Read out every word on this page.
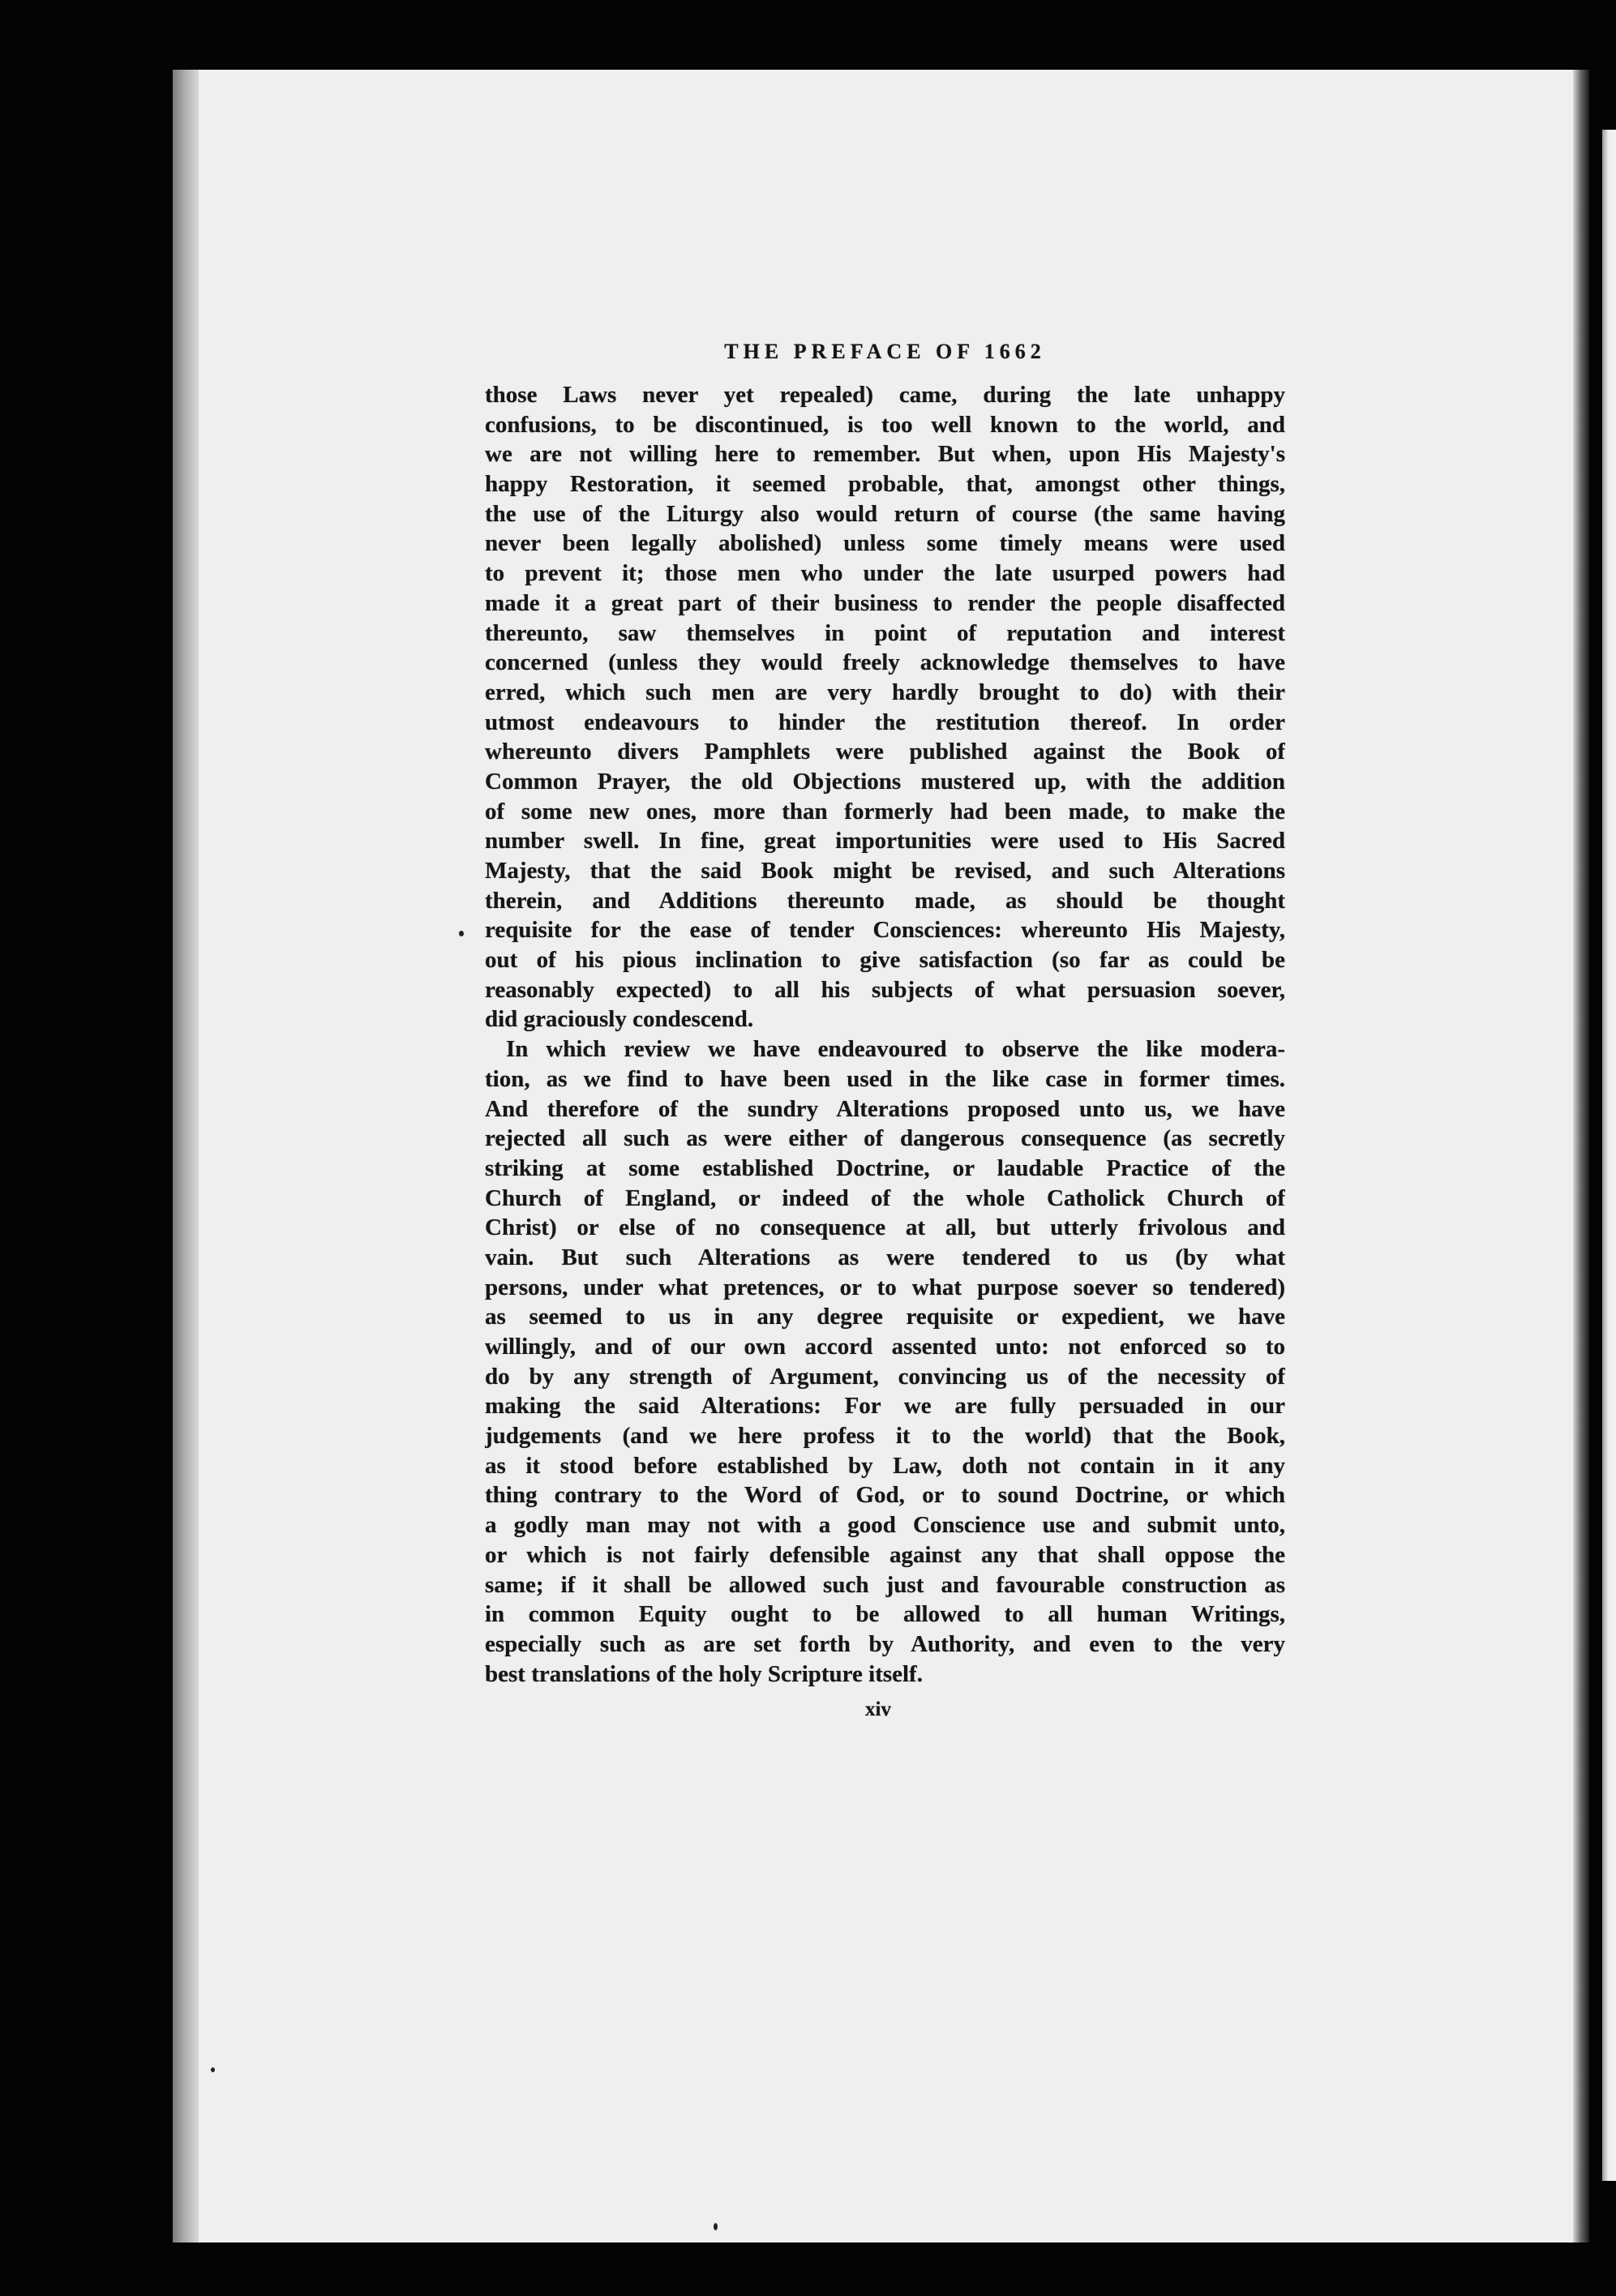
THE PREFACE OF 1662
those Laws never yet repealed) came, during the late unhappy
confusions, to be discontinued, is too well known to the world, and
we are not willing here to remember. But when, upon His Majesty's
happy Restoration, it seemed probable, that, amongst other things,
the use of the Liturgy also would return of course (the same having
never been legally abolished) unless some timely means were used
to prevent it; those men who under the late usurped powers had
made it a great part of their business to render the people disaffected
thereunto, saw themselves in point of reputation and interest
concerned (unless they would freely acknowledge themselves to have
erred, which such men are very hardly brought to do) with their
utmost endeavours to hinder the restitution thereof. In order
whereunto divers Pamphlets were published against the Book of
Common Prayer, the old Objections mustered up, with the addition
of some new ones, more than formerly had been made, to make the
number swell. In fine, great importunities were used to His Sacred
Majesty, that the said Book might be revised, and such Alterations
therein, and Additions thereunto made, as should be thought
requisite for the ease of tender Consciences: whereunto His Majesty,
out of his pious inclination to give satisfaction (so far as could be
reasonably expected) to all his subjects of what persuasion soever,
did graciously condescend.
In which review we have endeavoured to observe the like modera-
tion, as we find to have been used in the like case in former times.
And therefore of the sundry Alterations proposed unto us, we have
rejected all such as were either of dangerous consequence (as secretly
striking at some established Doctrine, or laudable Practice of the
Church of England, or indeed of the whole Catholick Church of
Christ) or else of no consequence at all, but utterly frivolous and
vain. But such Alterations as were tendered to us (by what
persons, under what pretences, or to what purpose soever so tendered)
as seemed to us in any degree requisite or expedient, we have
willingly, and of our own accord assented unto: not enforced so to
do by any strength of Argument, convincing us of the necessity of
making the said Alterations: For we are fully persuaded in our
judgements (and we here profess it to the world) that the Book,
as it stood before established by Law, doth not contain in it any
thing contrary to the Word of God, or to sound Doctrine, or which
a godly man may not with a good Conscience use and submit unto,
or which is not fairly defensible against any that shall oppose the
same; if it shall be allowed such just and favourable construction as
in common Equity ought to be allowed to all human Writings,
especially such as are set forth by Authority, and even to the very
best translations of the holy Scripture itself.
xiv
